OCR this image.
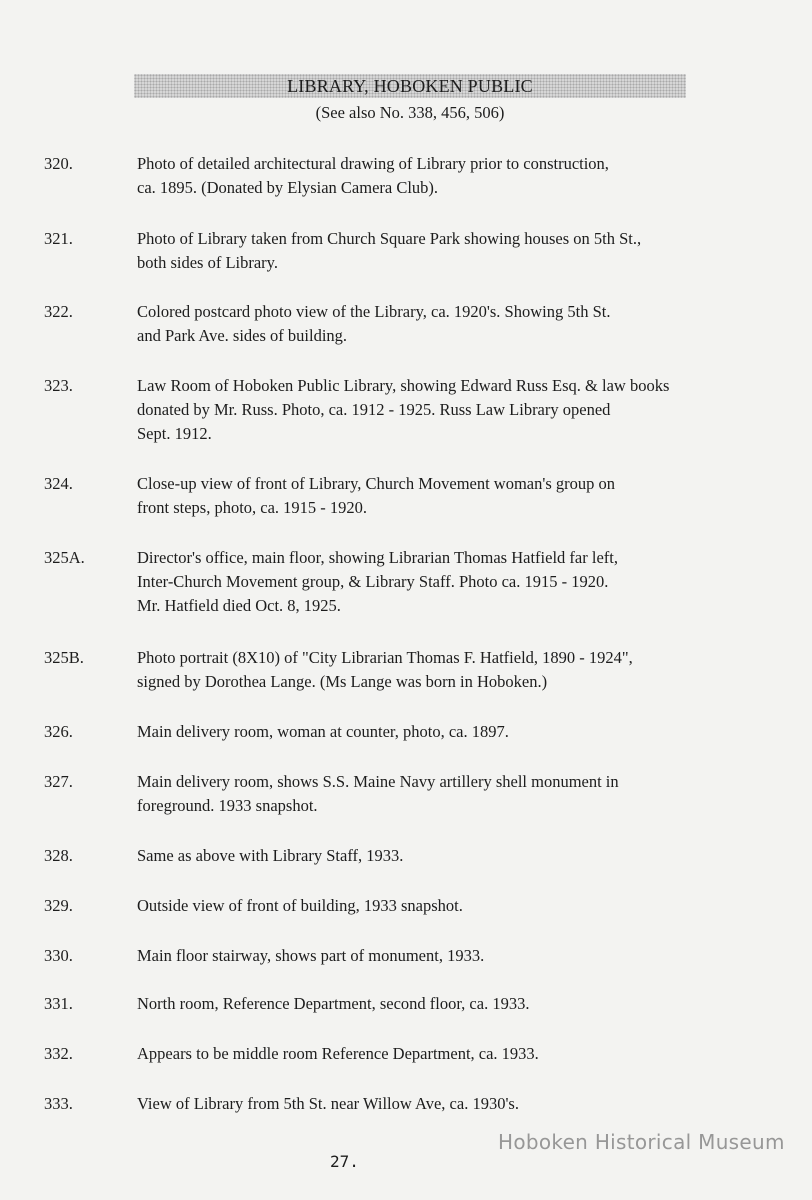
LIBRARY, HOBOKEN PUBLIC
(See also No. 338, 456, 506)
320.	Photo of detailed architectural drawing of Library prior to construction,
ca. 1895. (Donated by Elysian Camera Club).
321.	Photo of Library taken from Church Square Park showing houses on 5th St.,
both sides of Library.
322.	Colored postcard photo view of the Library, ca. 1920's. Showing 5th St.
and Park Ave. sides of building.
323.	Law Room of Hoboken Public Library, showing Edward Russ Esq. & law books
donated by Mr. Russ. Photo, ca. 1912 - 1925. Russ Law Library opened
Sept. 1912.
324.	Close-up view of front of Library, Church Movement woman's group on
front steps, photo, ca. 1915 - 1920.
325A.	Director's office, main floor, showing Librarian Thomas Hatfield far left,
Inter-Church Movement group, & Library Staff. Photo ca. 1915 - 1920.
Mr. Hatfield died Oct. 8, 1925.
325B.	Photo portrait (8X10) of "City Librarian Thomas F. Hatfield, 1890 - 1924",
signed by Dorothea Lange. (Ms Lange was born in Hoboken.)
326.	Main delivery room, woman at counter, photo, ca. 1897.
327.	Main delivery room, shows S.S. Maine Navy artillery shell monument in
foreground. 1933 snapshot.
328.	Same as above with Library Staff, 1933.
329.	Outside view of front of building, 1933 snapshot.
330.	Main floor stairway, shows part of monument, 1933.
331.	North room, Reference Department, second floor, ca. 1933.
332.	Appears to be middle room Reference Department, ca. 1933.
333.	View of Library from 5th St. near Willow Ave, ca. 1930's.
27.
Hoboken Historical Museum
